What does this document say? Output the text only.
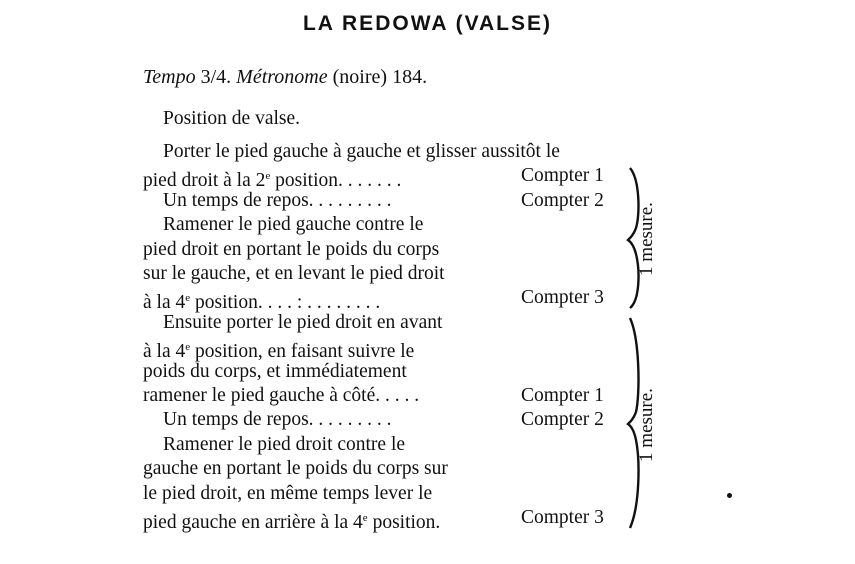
LA REDOWA (VALSE)
Tempo 3/4. Métronome (noire) 184.
Position de valse.
Porter le pied gauche à gauche et glisser aussitôt le
pied droit à la 2e position. . . . . . .	Compter 1
Un temps de repos. . . . . . . . .	Compter 2
Ramener le pied gauche contre le
pied droit en portant le poids du corps
sur le gauche, et en levant le pied droit
à la 4e position. . . . : . . . . . . . .	Compter 3
Ensuite porter le pied droit en avant
à la 4e position, en faisant suivre le
poids du corps, et immédiatement
ramener le pied gauche à côté. . . . .	Compter 1
Un temps de repos. . . . . . . . .	Compter 2
Ramener le pied droit contre le
gauche en portant le poids du corps sur
le pied droit, en même temps lever le
pied gauche en arrière à la 4e position.	Compter 3
1 mesure.
1 mesure.
